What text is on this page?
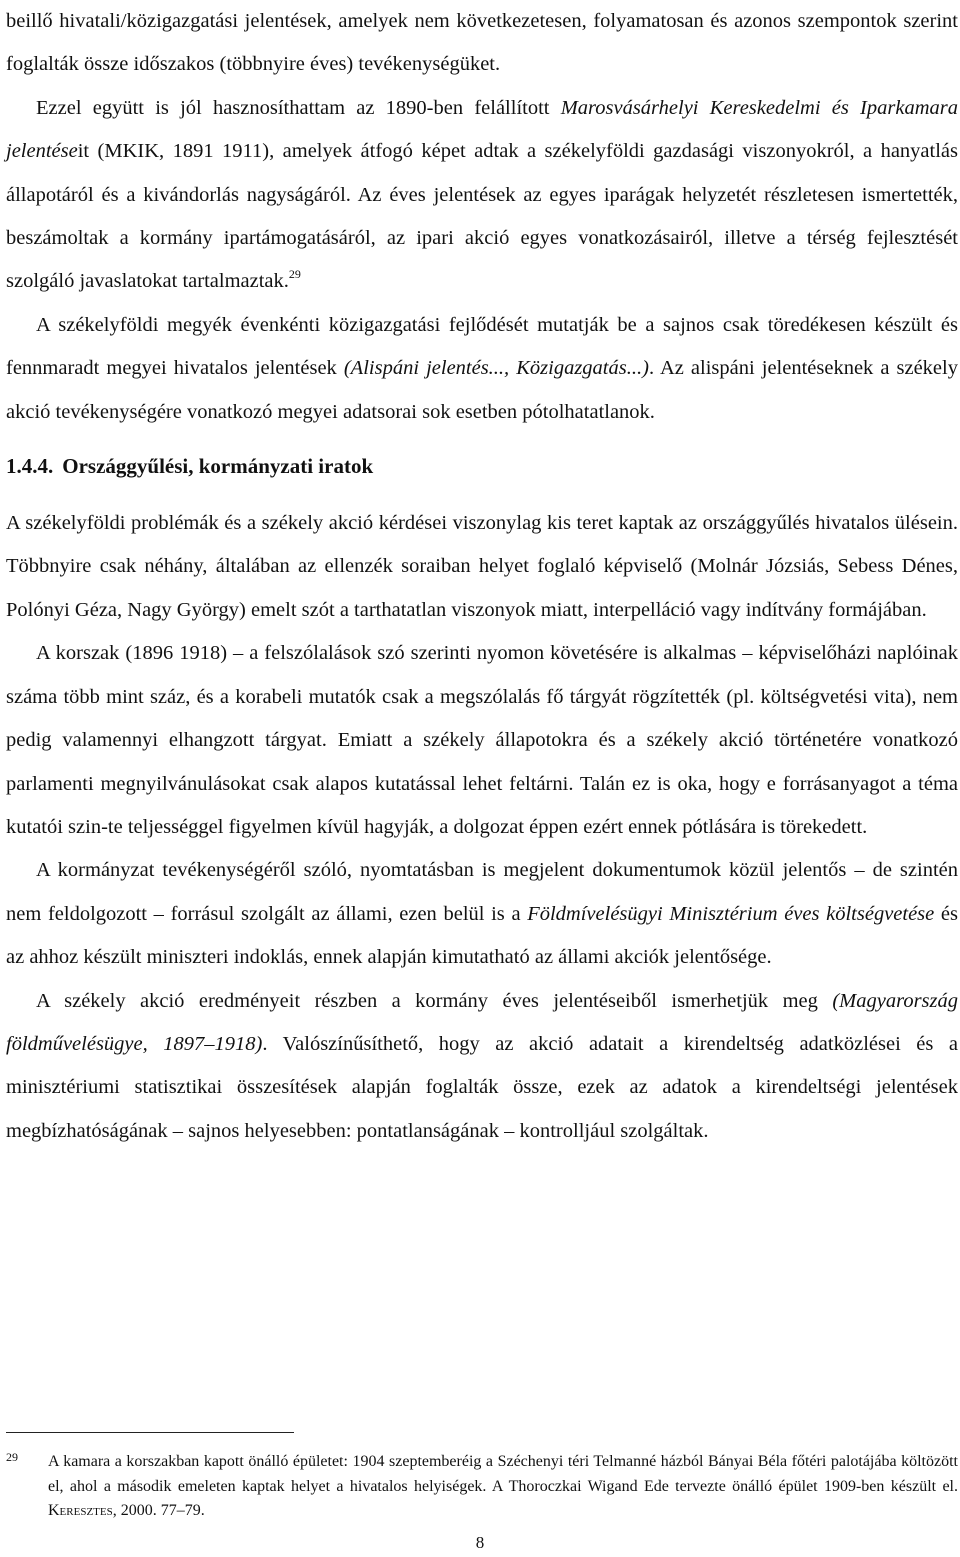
beillő hivatali/közigazgatási jelentések, amelyek nem következetesen, folyamatosan és azonos szempontok szerint foglalták össze időszakos (többnyire éves) tevékenységüket.

Ezzel együtt is jól hasznosíthattam az 1890-ben felállított Marosvásárhelyi Kereskedelmi és Iparkamara jelentéseit (MKIK, 1891 1911), amelyek átfogó képet adtak a székelyföldi gazdasági viszonyokról, a hanyatlás állapotáról és a kivándorlás nagyságáról. Az éves jelentések az egyes iparágak helyzetét részletesen ismertették, beszámoltak a kormány ipartámogatásáról, az ipari akció egyes vonatkozásairól, illetve a térség fejlesztését szolgáló javaslatokat tartalmaztak.$^{29}$

A székelyföldi megyék évenkénti közigazgatási fejlődését mutatják be a sajnos csak töredékesen készült és fennmaradt megyei hivatalos jelentések (Alispáni jelentés..., Közigazgatás...). Az alispáni jelentéseknek a székely akció tevékenységére vonatkozó megyei adatsorai sok esetben pótolhatatlanok.

1.4.4. Országgyűlési, kormányzati iratok

A székelyföldi problémák és a székely akció kérdései viszonylag kis teret kaptak az országgyűlés hivatalos ülésein. Többnyire csak néhány, általában az ellenzék soraiban helyet foglaló képviselő (Molnár Józsiás, Sebess Dénes, Polónyi Géza, Nagy György) emelt szót a tarthatatlan viszonyok miatt, interpelláció vagy indítvány formájában.

A korszak (1896 1918) – a felszólalások szó szerinti nyomon követésére is alkalmas – képviselőházi naplóinak száma több mint száz, és a korabeli mutatók csak a megszólalás fő tárgyát rögzítették (pl. költségvetési vita), nem pedig valamennyi elhangzott tárgyat. Emiatt a székely állapotokra és a székely akció történetére vonatkozó parlamenti megnyilvánulásokat csak alapos kutatással lehet feltárni. Talán ez is oka, hogy e forrásanyagot a téma kutatói szin-te teljességgel figyelmen kívül hagyják, a dolgozat éppen ezért ennek pótlására is törekedett.

A kormányzat tevékenységéről szóló, nyomtatásban is megjelent dokumentumok közül jelentős – de szintén nem feldolgozott – forrásul szolgált az állami, ezen belül is a Földmívelésügyi Minisztérium éves költségvetése és az ahhoz készült miniszteri indoklás, ennek alapján kimutatható az állami akciók jelentősége.

A székely akció eredményeit részben a kormány éves jelentéseiből ismerhetjük meg (Magyarország földművelésügye, 1897–1918). Valószínűsíthető, hogy az akció adatait a kirendeltség adatközlései és a minisztériumi statisztikai összesítések alapján foglalták össze, ezek az adatok a kirendeltségi jelentések megbízhatóságának – sajnos helyesebben: pontatlanságának – kontrolljául szolgáltak.

29 A kamara a korszakban kapott önálló épületet: 1904 szeptemberéig a Széchenyi téri Telmanné házból Bányai Béla főtéri palotájába költözött el, ahol a második emeleten kaptak helyet a hivatalos helyiségek. A Thoroczkai Wigand Ede tervezte önálló épület 1909-ben készült el. Keresztes, 2000. 77–79.
8
